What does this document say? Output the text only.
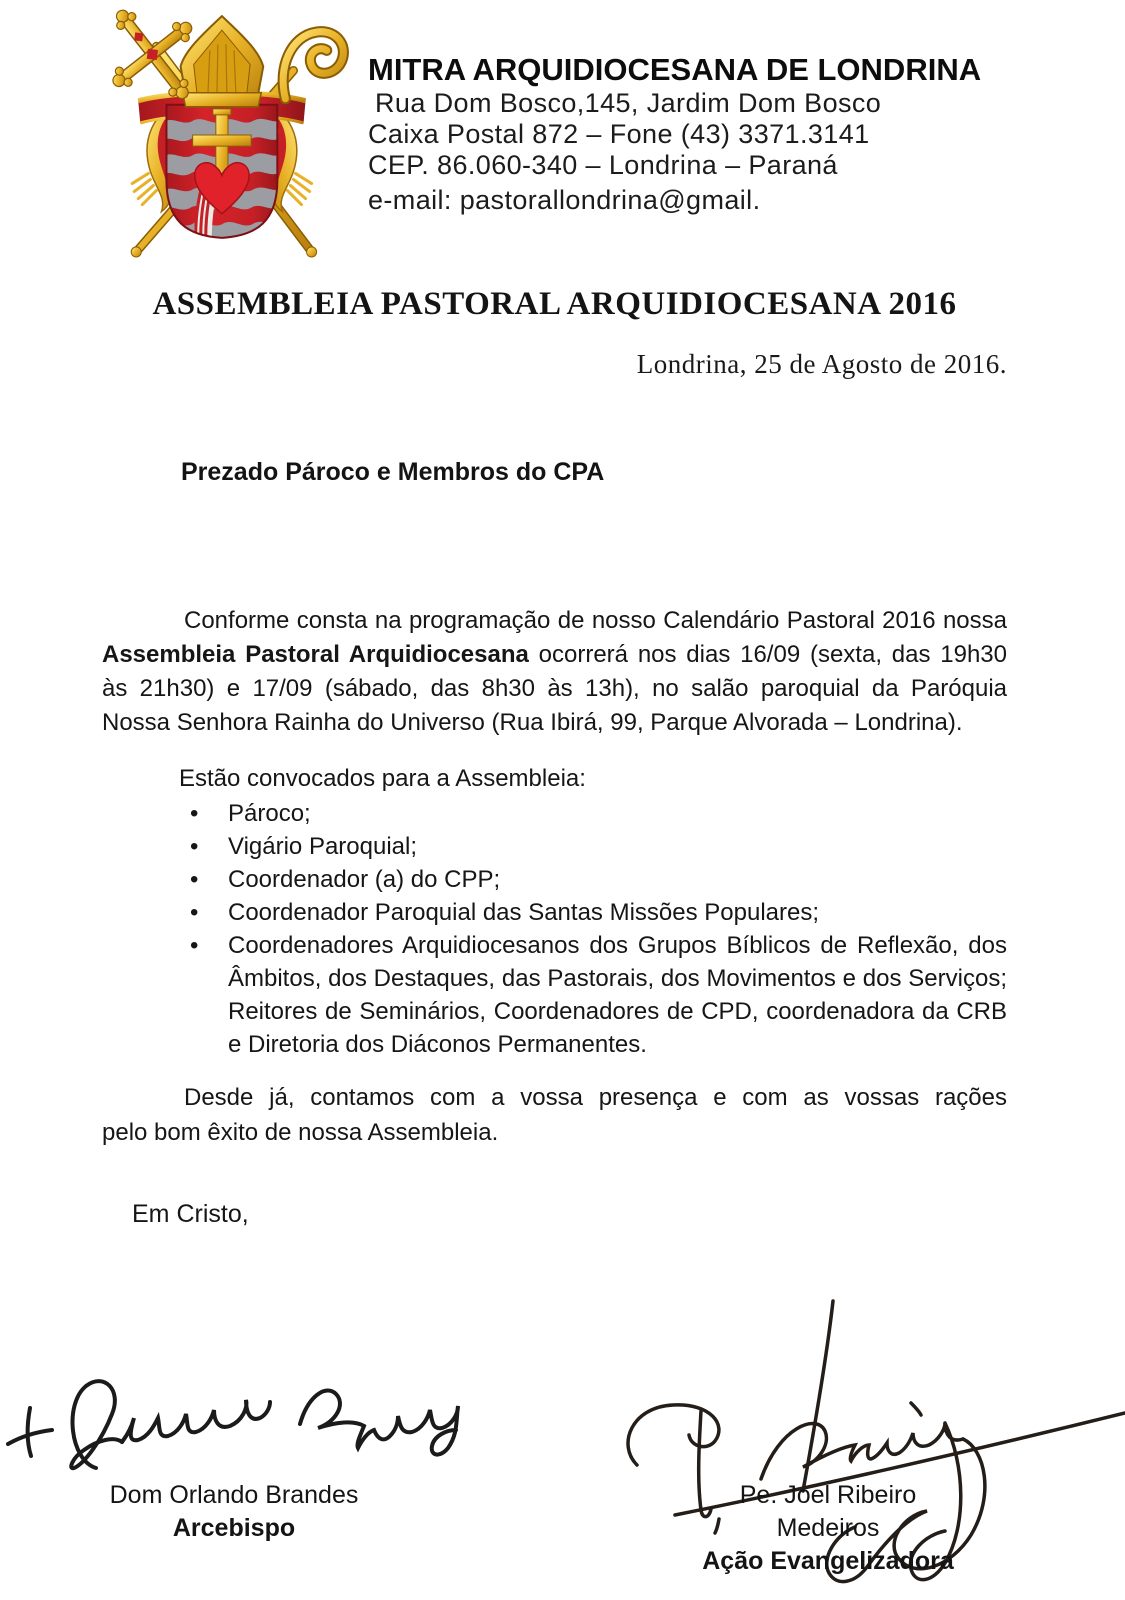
MITRA ARQUIDIOCESANA DE LONDRINA
Rua Dom Bosco,145, Jardim Dom Bosco
Caixa Postal 872 – Fone (43) 3371.3141
CEP. 86.060-340 – Londrina – Paraná
e-mail: pastorallondrina@gmail.
ASSEMBLEIA PASTORAL ARQUIDIOCESANA 2016
Londrina, 25 de Agosto de 2016.
Prezado Pároco e Membros do CPA

Conforme consta na programação de nosso Calendário Pastoral 2016 nossa Assembleia Pastoral Arquidiocesana ocorrerá nos dias 16/09 (sexta, das 19h30 às 21h30) e 17/09 (sábado, das 8h30 às 13h), no salão paroquial da Paróquia Nossa Senhora Rainha do Universo (Rua Ibirá, 99, Parque Alvorada – Londrina).

Estão convocados para a Assembleia:
• Pároco;
• Vigário Paroquial;
• Coordenador (a) do CPP;
• Coordenador Paroquial das Santas Missões Populares;
• Coordenadores Arquidiocesanos dos Grupos Bíblicos de Reflexão, dos Âmbitos, dos Destaques, das Pastorais, dos Movimentos e dos Serviços; Reitores de Seminários, Coordenadores de CPD, coordenadora da CRB e Diretoria dos Diáconos Permanentes.
Desde já, contamos com a vossa presença e com as vossas rações
pelo bom êxito de nossa Assembleia.
Em Cristo,
Dom Orlando Brandes
Arcebispo
Pe. Joel Ribeiro Medeiros
Ação Evangelizadora
